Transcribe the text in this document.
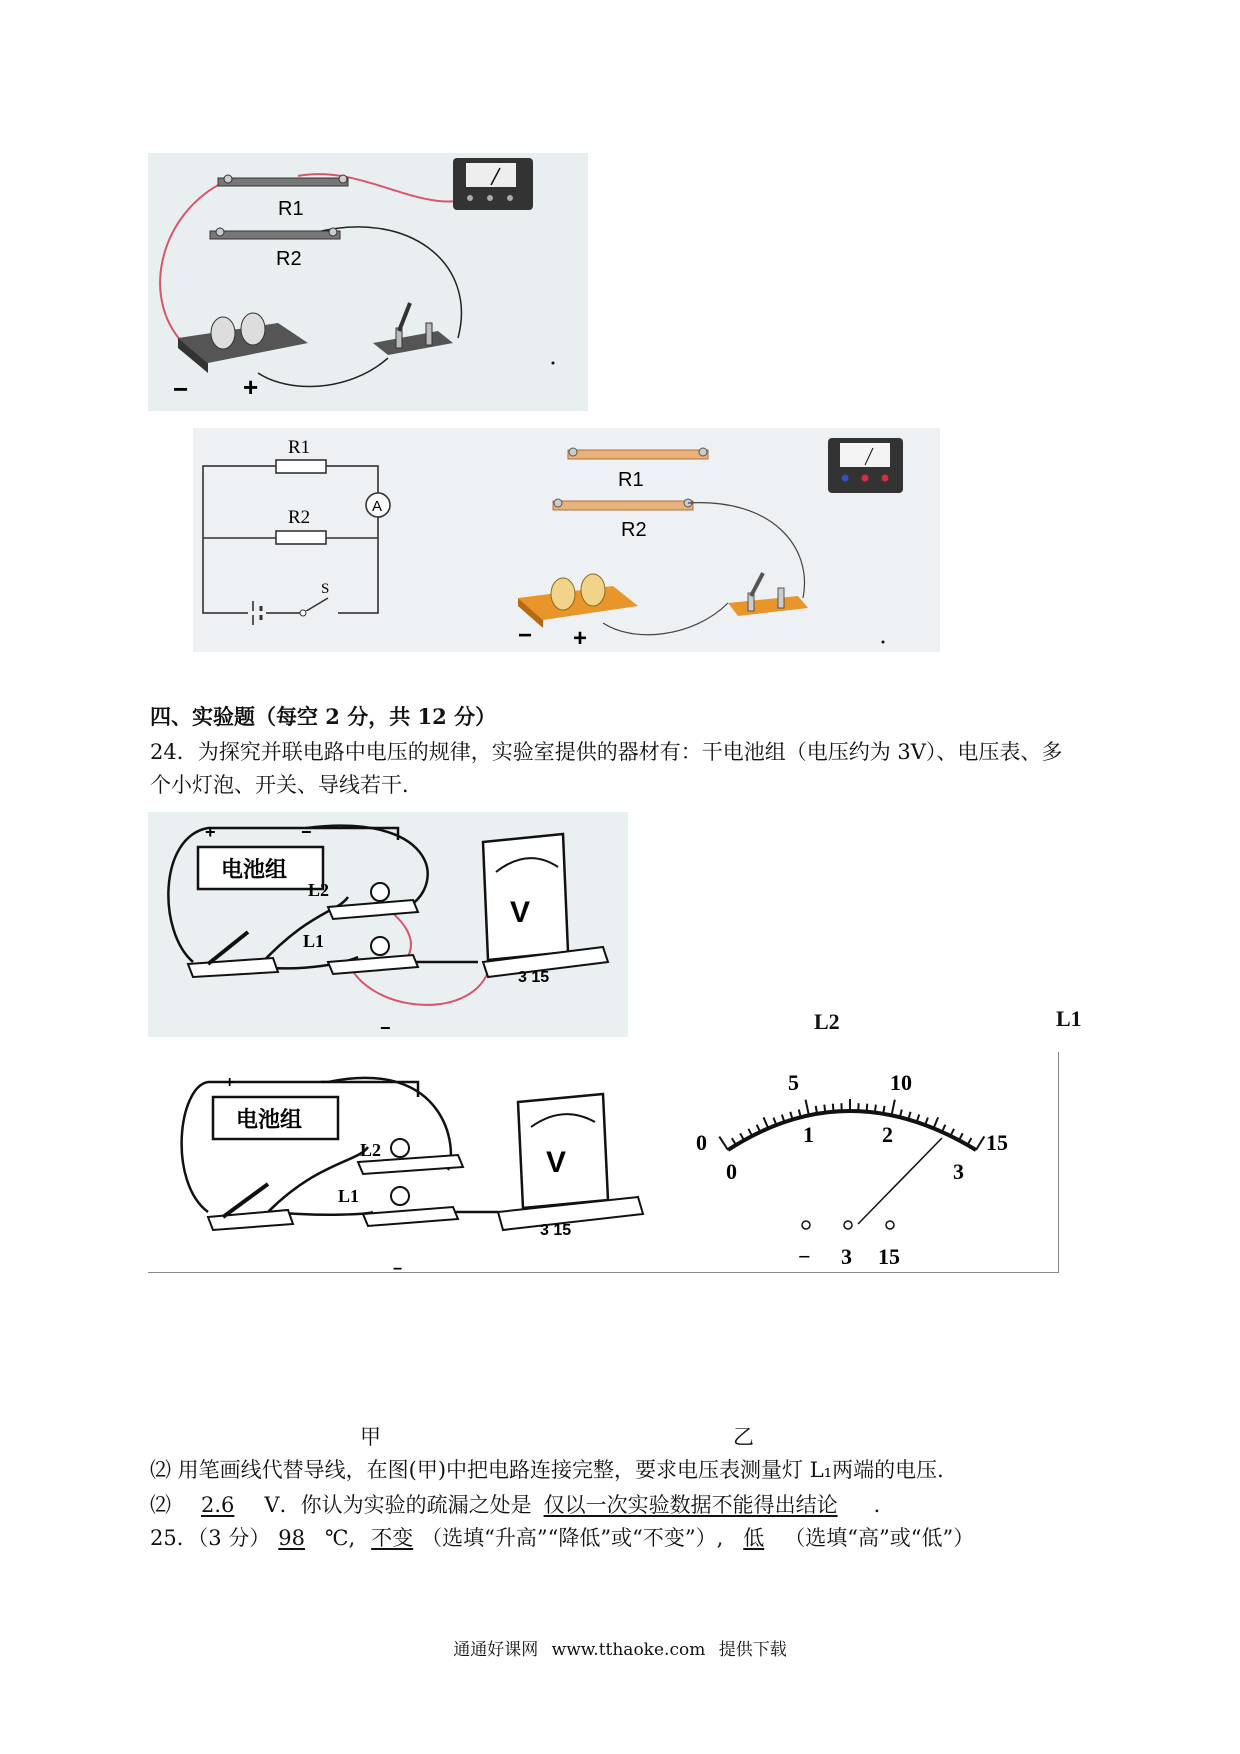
R1
R2
− +
R1
R2
A
S
R1
R2
− +
四、实验题（每空 2 分，共 12 分）
24．为探究并联电路中电压的规律，实验室提供的器材有：干电池组（电压约为 3V）、电压表、多
个小灯泡、开关、导线若干．
电池组
+	−
L2
L1
V
3 15
−	L2	L1
电池组
+	−
L2
L1
V
3 15
−
0
5	10
15
0
1	2
3
− 3 15
甲	乙
⑵ 用笔画线代替导线，在图(甲)中把电路连接完整，要求电压表测量灯 L₁两端的电压．
⑵ 2.6 V．你认为实验的疏漏之处是 仅以一次实验数据不能得出结论 ．
25．（3 分） 98 ℃, 不变 （选填“升高”“降低”或“不变”）, 低 （选填“高”或“低”）
通通好课网 www.tthaoke.com 提供下载
